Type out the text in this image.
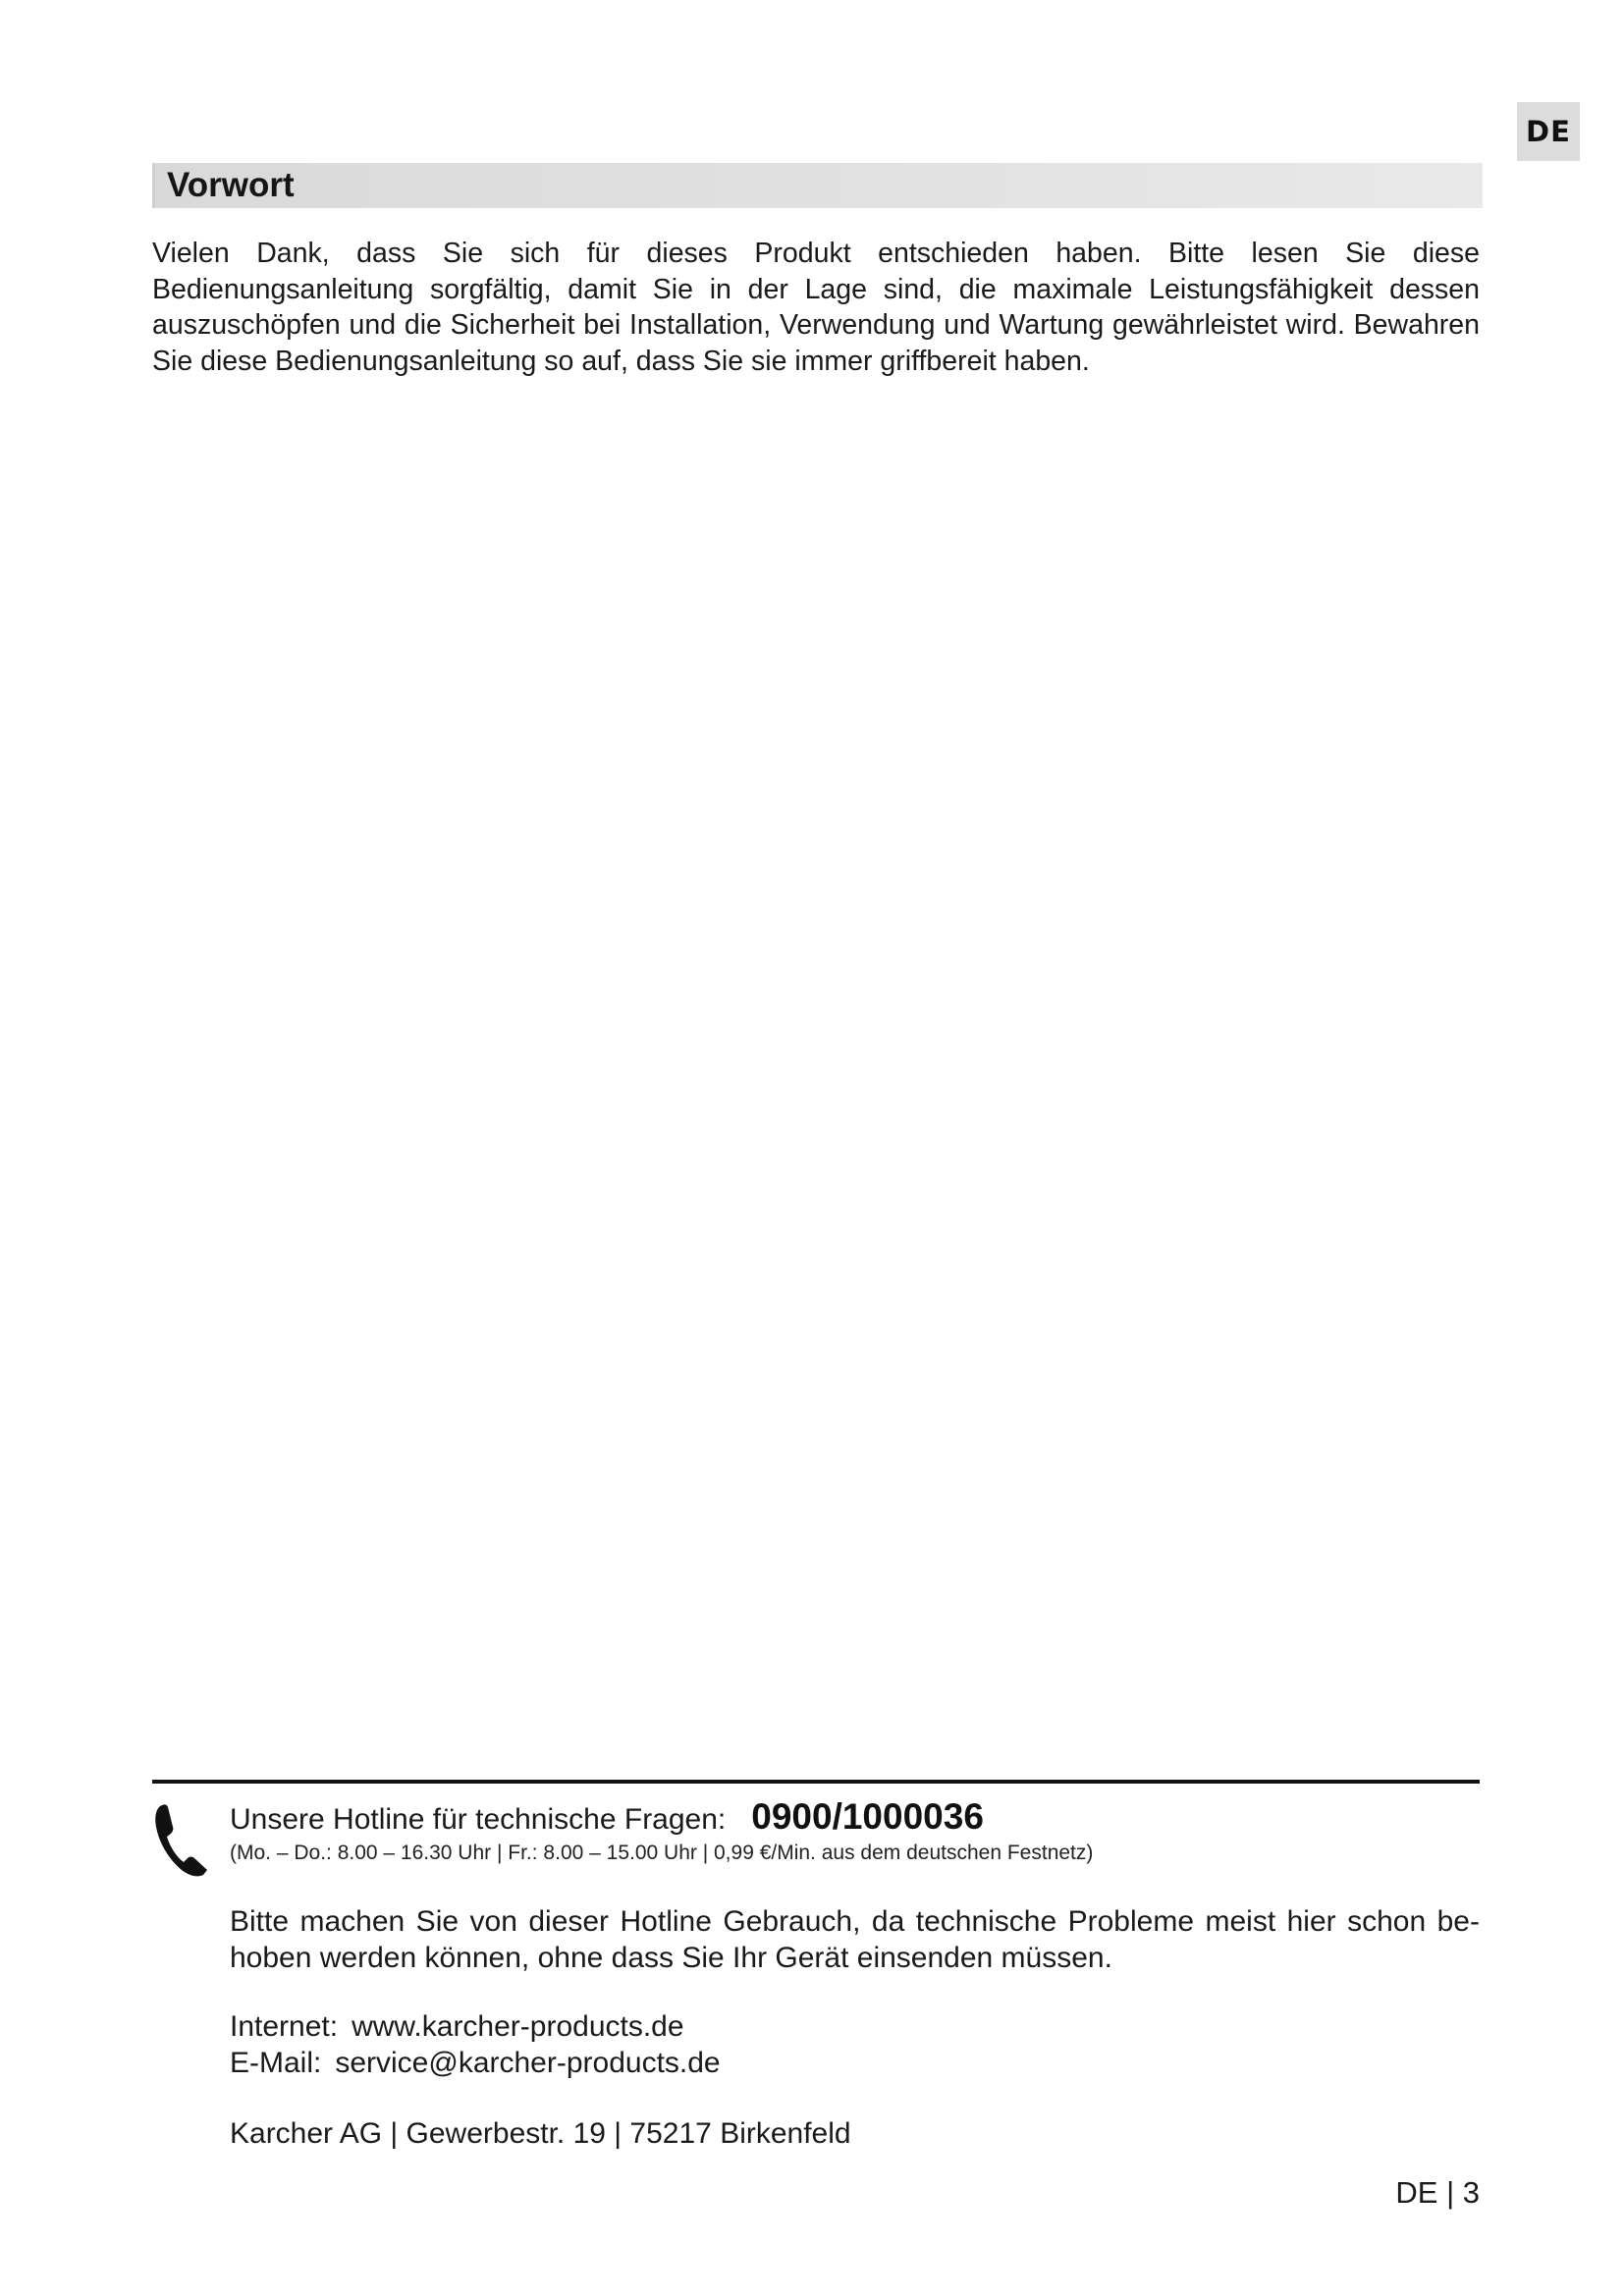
DE
Vorwort

Vielen Dank, dass Sie sich für dieses Produkt entschieden haben. Bitte lesen Sie diese Bedienungsanleitung sorgfältig, damit Sie in der Lage sind, die maximale Leistungsfähigkeit dessen auszuschöpfen und die Sicherheit bei Installation, Verwendung und Wartung gewährleistet wird. Bewahren Sie diese Bedienungsanleitung so auf, dass Sie sie immer griffbereit haben.

Unsere Hotline für technische Fragen: 0900/1000036
(Mo. – Do.: 8.00 – 16.30 Uhr | Fr.: 8.00 – 15.00 Uhr | 0,99 €/Min. aus dem deutschen Festnetz)

Bitte machen Sie von dieser Hotline Gebrauch, da technische Probleme meist hier schon be-hoben werden können, ohne dass Sie Ihr Gerät einsenden müssen.

Internet: www.karcher-products.de
E-Mail: service@karcher-products.de
Karcher AG | Gewerbestr. 19 | 75217 Birkenfeld
DE | 3
